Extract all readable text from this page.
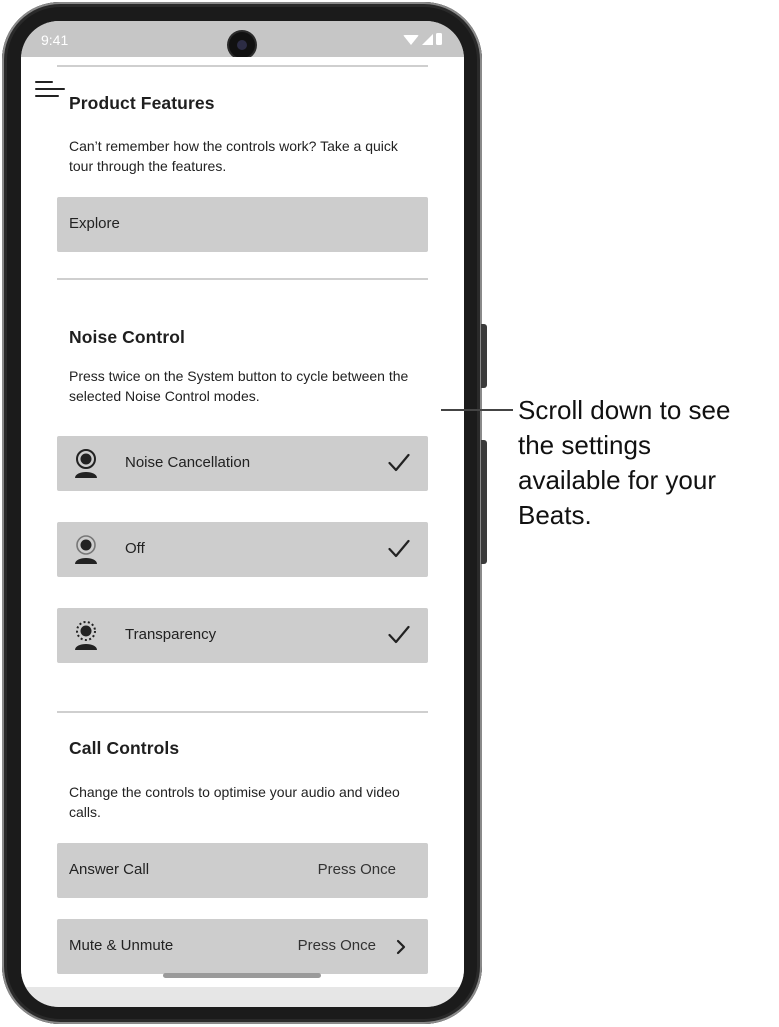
9:41
Product Features
Can’t remember how the controls work? Take a quick tour through the features.
Explore
Noise Control
Press twice on the System button to cycle between the selected Noise Control modes.
Noise Cancellation
Off
Transparency
Call Controls
Change the controls to optimise your audio and video calls.
Answer Call	Press Once
Mute & Unmute	Press Once
Scroll down to see the settings available for your Beats.
